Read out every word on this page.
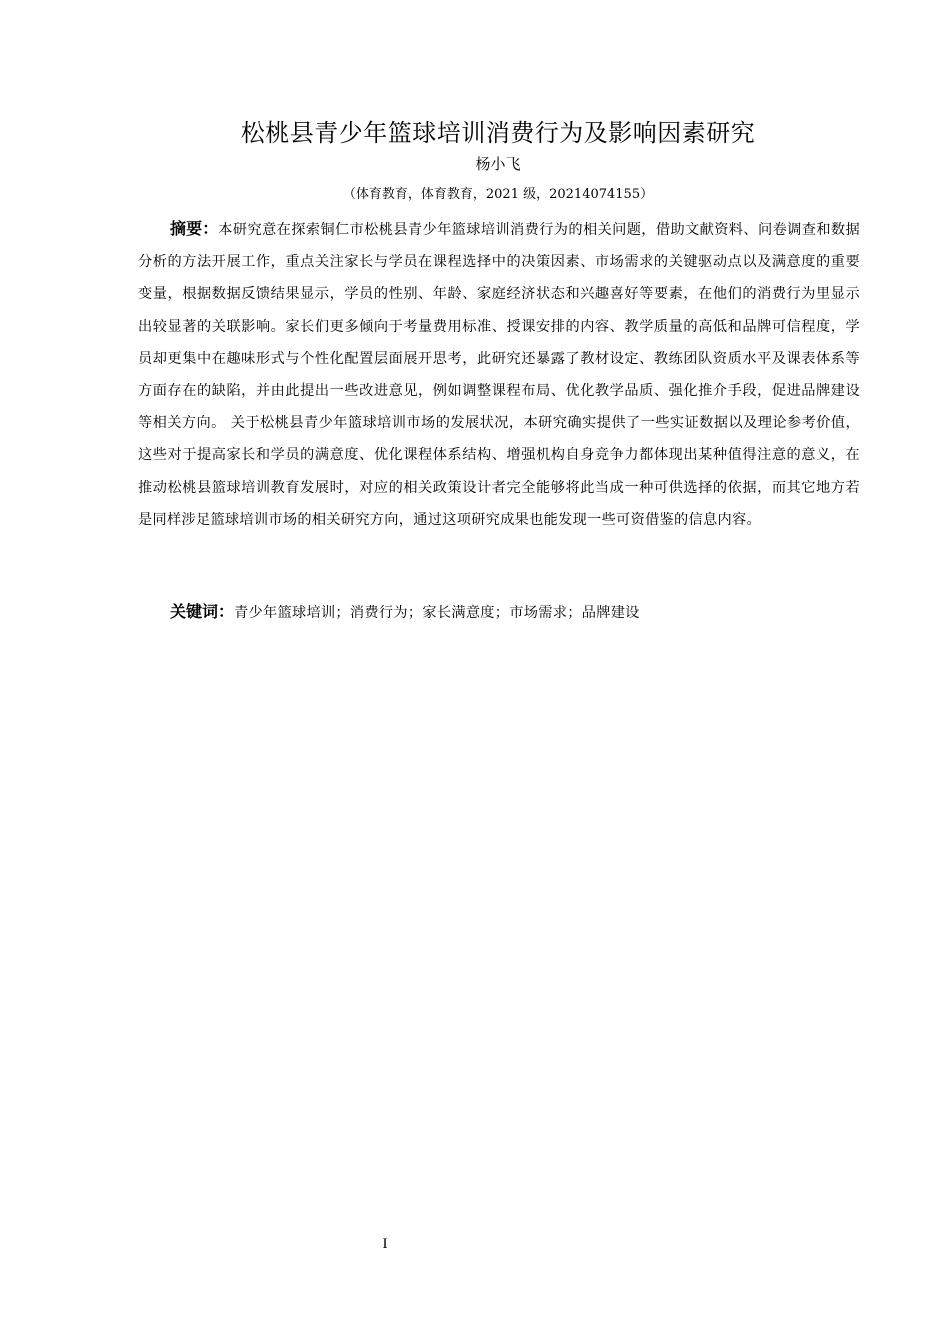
松桃县青少年篮球培训消费行为及影响因素研究
杨小飞
（体育教育，体育教育，2021 级，20214074155）

摘要：本研究意在探索铜仁市松桃县青少年篮球培训消费行为的相关问题，借助文献资料、问卷调查和数据分析的方法开展工作，重点关注家长与学员在课程选择中的决策因素、市场需求的关键驱动点以及满意度的重要变量，根据数据反馈结果显示，学员的性别、年龄、家庭经济状态和兴趣喜好等要素，在他们的消费行为里显示出较显著的关联影响。家长们更多倾向于考量费用标准、授课安排的内容、教学质量的高低和品牌可信程度，学员却更集中在趣味形式与个性化配置层面展开思考，此研究还暴露了教材设定、教练团队资质水平及课表体系等方面存在的缺陷，并由此提出一些改进意见，例如调整课程布局、优化教学品质、强化推介手段，促进品牌建设等相关方向。 关于松桃县青少年篮球培训市场的发展状况，本研究确实提供了一些实证数据以及理论参考价值，这些对于提高家长和学员的满意度、优化课程体系结构、增强机构自身竞争力都体现出某种值得注意的意义，在推动松桃县篮球培训教育发展时，对应的相关政策设计者完全能够将此当成一种可供选择的依据，而其它地方若是同样涉足篮球培训市场的相关研究方向，通过这项研究成果也能发现一些可资借鉴的信息内容。

关键词：青少年篮球培训；消费行为；家长满意度；市场需求；品牌建设

I
